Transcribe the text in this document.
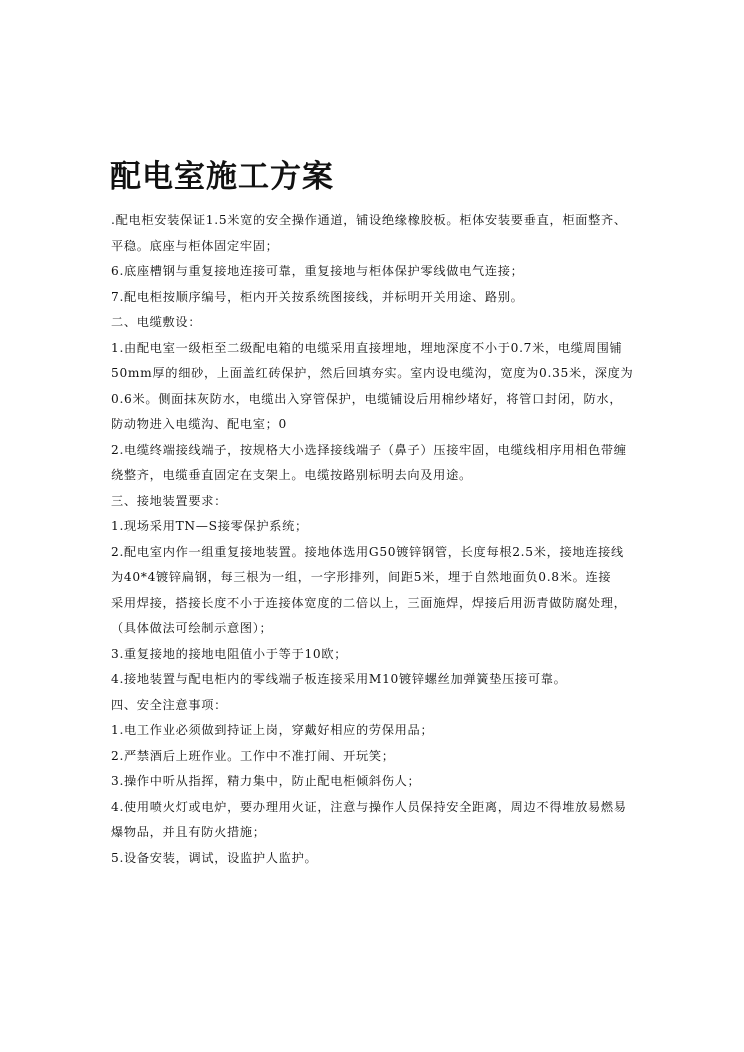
配电室施工方案

.配电柜安装保证1.5米宽的安全操作通道，铺设绝缘橡胶板。柜体安装要垂直，柜面整齐、

平稳。底座与柜体固定牢固；

6.底座槽钢与重复接地连接可靠，重复接地与柜体保护零线做电气连接；

7.配电柜按顺序编号，柜内开关按系统图接线，并标明开关用途、路别。

二、电缆敷设：

1.由配电室一级柜至二级配电箱的电缆采用直接埋地，埋地深度不小于0.7米，电缆周围铺

50mm厚的细砂，上面盖红砖保护，然后回填夯实。室内设电缆沟，宽度为0.35米，深度为

0.6米。侧面抹灰防水，电缆出入穿管保护，电缆铺设后用棉纱堵好，将管口封闭，防水，

防动物进入电缆沟、配电室；0

2.电缆终端接线端子，按规格大小选择接线端子（鼻子）压接牢固，电缆线相序用相色带缠

绕整齐，电缆垂直固定在支架上。电缆按路别标明去向及用途。

三、接地装置要求：

1.现场采用TN—S接零保护系统；

2.配电室内作一组重复接地装置。接地体选用G50镀锌钢管，长度每根2.5米，接地连接线

为40*4镀锌扁钢，每三根为一组，一字形排列，间距5米，埋于自然地面负0.8米。连接

采用焊接，搭接长度不小于连接体宽度的二倍以上，三面施焊，焊接后用沥青做防腐处理，

（具体做法可绘制示意图）；

3.重复接地的接地电阻值小于等于10欧；

4.接地装置与配电柜内的零线端子板连接采用M10镀锌螺丝加弹簧垫压接可靠。

四、安全注意事项：

1.电工作业必须做到持证上岗，穿戴好相应的劳保用品；

2.严禁酒后上班作业。工作中不准打闹、开玩笑；

3.操作中听从指挥，精力集中，防止配电柜倾斜伤人；

4.使用喷火灯或电炉，要办理用火证，注意与操作人员保持安全距离，周边不得堆放易燃易

爆物品，并且有防火措施；

5.设备安装，调试，设监护人监护。
